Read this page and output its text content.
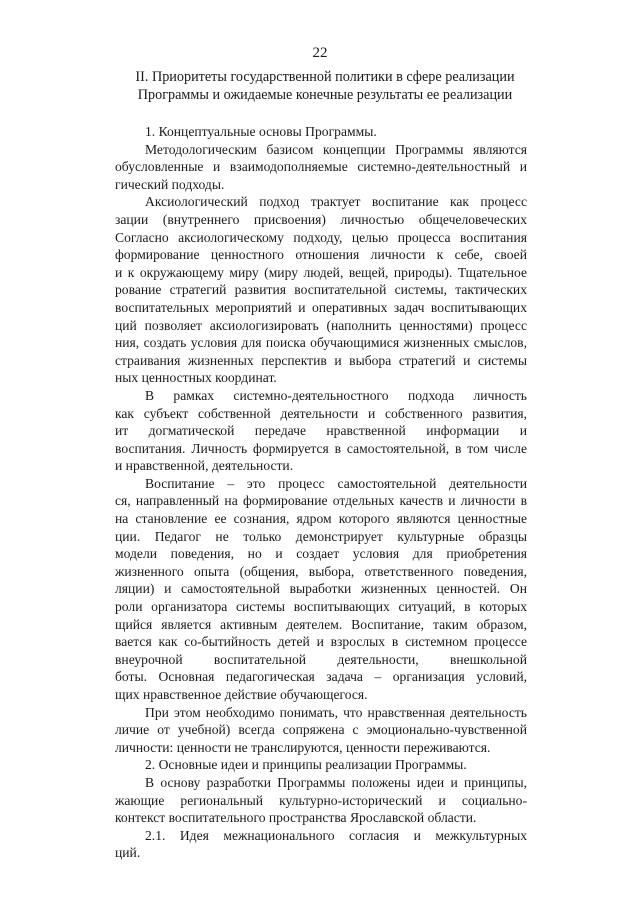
22
II. Приоритеты государственной политики в сфере реализации
Программы и ожидаемые конечные результаты ее реализации
1. Концептуальные основы Программы.
Методологическим базисом концепции Программы являются
обусловленные и взаимодополняемые системно-деятельностный и
гический подходы.
Аксиологический подход трактует воспитание как процесс
зации (внутреннего присвоения) личностью общечеловеческих
Согласно аксиологическому подходу, целью процесса воспитания
формирование ценностного отношения личности к себе, своей
и к окружающему миру (миру людей, вещей, природы). Тщательное
рование стратегий развития воспитательной системы, тактических
воспитательных мероприятий и оперативных задач воспитывающих
ций позволяет аксиологизировать (наполнить ценностями) процесс
ния, создать условия для поиска обучающимися жизненных смыслов,
страивания жизненных перспектив и выбора стратегий и системы
ных ценностных координат.
В рамках системно-деятельностного подхода личность
как субъект собственной деятельности и собственного развития,
ит догматической передаче нравственной информации и
воспитания. Личность формируется в самостоятельной, в том числе
и нравственной, деятельности.
Воспитание – это процесс самостоятельной деятельности
ся, направленный на формирование отдельных качеств и личности в
на становление ее сознания, ядром которого являются ценностные
ции. Педагог не только демонстрирует культурные образцы
модели поведения, но и создает условия для приобретения
жизненного опыта (общения, выбора, ответственного поведения,
ляции) и самостоятельной выработки жизненных ценностей. Он
роли организатора системы воспитывающих ситуаций, в которых
щийся является активным деятелем. Воспитание, таким образом,
вается как со-бытийность детей и взрослых в системном процессе
внеурочной воспитательной деятельности, внешкольной
боты. Основная педагогическая задача – организация условий,
щих нравственное действие обучающегося.
При этом необходимо понимать, что нравственная деятельность
личие от учебной) всегда сопряжена с эмоционально-чувственной
личности: ценности не транслируются, ценности переживаются.
2. Основные идеи и принципы реализации Программы.
В основу разработки Программы положены идеи и принципы,
жающие региональный культурно-исторический и социально-
контекст воспитательного пространства Ярославской области.
2.1. Идея межнационального согласия и межкультурных
ций.
